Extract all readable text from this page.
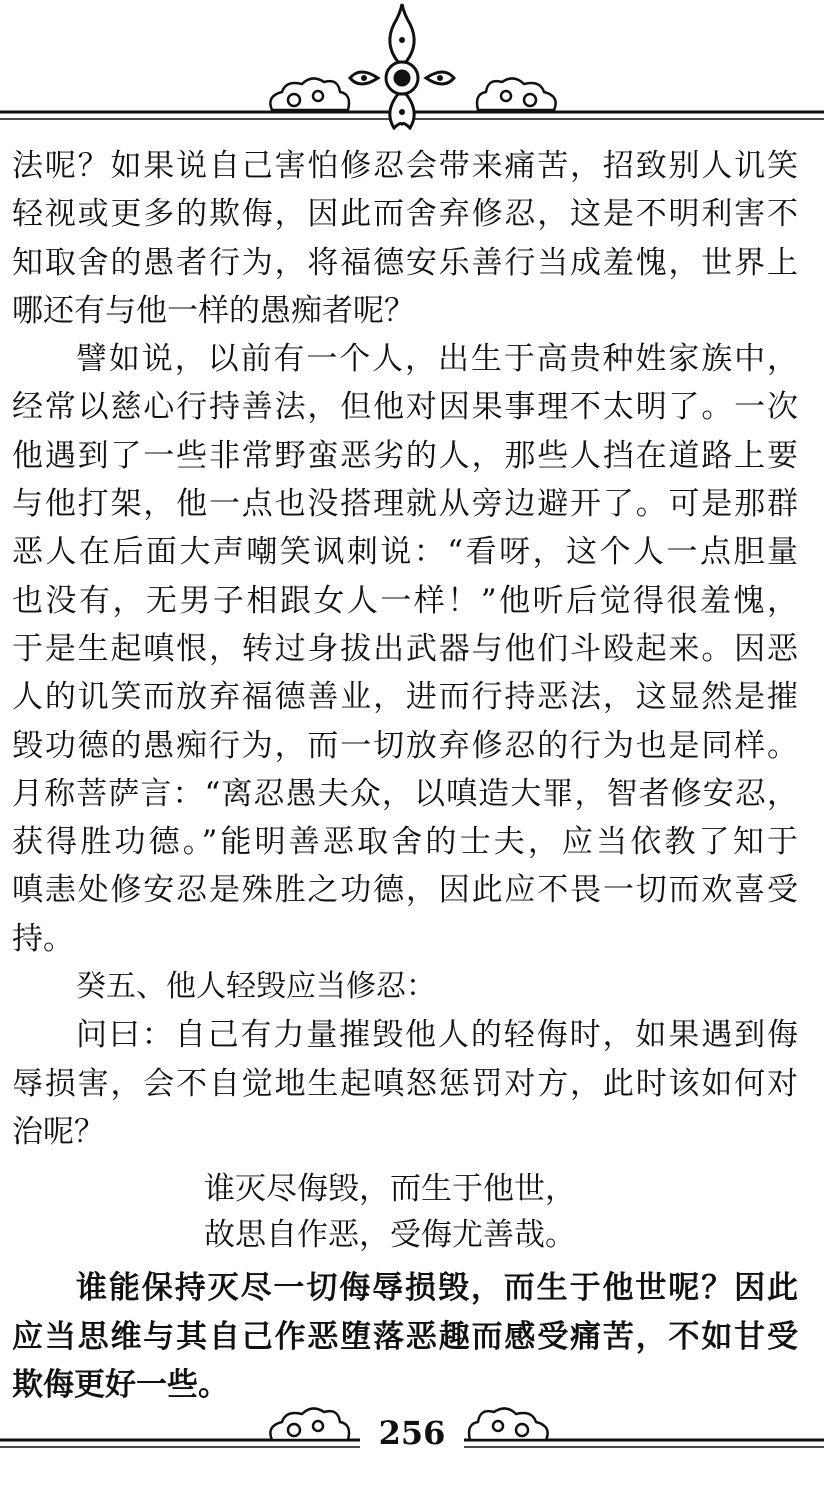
法呢？如果说自己害怕修忍会带来痛苦，招致别人讥笑
轻视或更多的欺侮，因此而舍弃修忍，这是不明利害不
知取舍的愚者行为，将福德安乐善行当成羞愧，世界上
哪还有与他一样的愚痴者呢？
譬如说，以前有一个人，出生于高贵种姓家族中，
经常以慈心行持善法，但他对因果事理不太明了。一次
他遇到了一些非常野蛮恶劣的人，那些人挡在道路上要
与他打架，他一点也没搭理就从旁边避开了。可是那群
恶人在后面大声嘲笑讽刺说：“看呀，这个人一点胆量
也没有，无男子相跟女人一样！”他听后觉得很羞愧，
于是生起嗔恨，转过身拔出武器与他们斗殴起来。因恶
人的讥笑而放弃福德善业，进而行持恶法，这显然是摧
毁功德的愚痴行为，而一切放弃修忍的行为也是同样。
月称菩萨言：“离忍愚夫众，以嗔造大罪，智者修安忍，
获得胜功德。”能明善恶取舍的士夫，应当依教了知于
嗔恚处修安忍是殊胜之功德，因此应不畏一切而欢喜受
持。
癸五、他人轻毁应当修忍：
问曰：自己有力量摧毁他人的轻侮时，如果遇到侮
辱损害，会不自觉地生起嗔怒惩罚对方，此时该如何对
治呢？
谁灭尽侮毁，而生于他世，
故思自作恶，受侮尤善哉。
谁能保持灭尽一切侮辱损毁，而生于他世呢？因此
应当思维与其自己作恶堕落恶趣而感受痛苦，不如甘受
欺侮更好一些。
256
